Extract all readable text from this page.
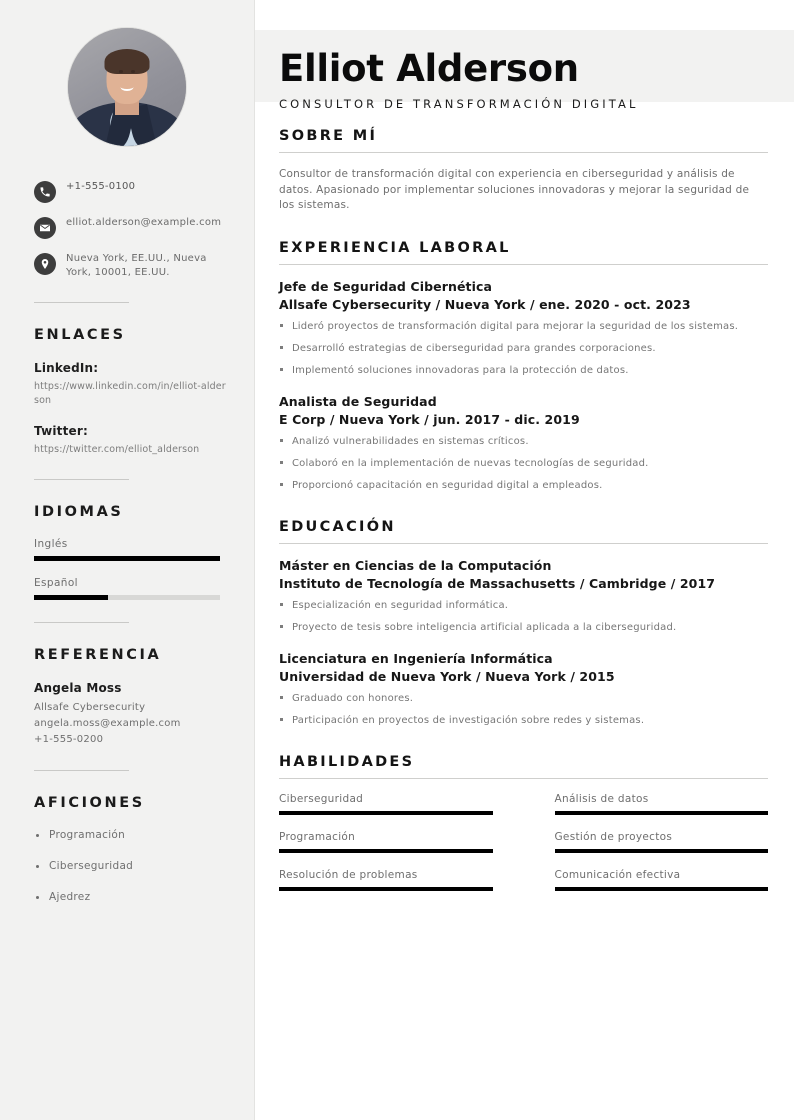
+1-555-0100
elliot.alderson@example.com
Nueva York, EE.UU., Nueva York, 10001, EE.UU.
ENLACES
LinkedIn:
https://www.linkedin.com/in/elliot-alderson
Twitter:
https://twitter.com/elliot_alderson
IDIOMAS
Inglés
Español
REFERENCIA
Angela Moss
Allsafe Cybersecurity
angela.moss@example.com
+1-555-0200
AFICIONES
Programación
Ciberseguridad
Ajedrez
Elliot Alderson
CONSULTOR DE TRANSFORMACIÓN DIGITAL
SOBRE MÍ

Consultor de transformación digital con experiencia en ciberseguridad y análisis de datos. Apasionado por implementar soluciones innovadoras y mejorar la seguridad de los sistemas.

EXPERIENCIA LABORAL
Jefe de Seguridad Cibernética
Allsafe Cybersecurity / Nueva York / ene. 2020 - oct. 2023
Lideró proyectos de transformación digital para mejorar la seguridad de los sistemas.
Desarrolló estrategias de ciberseguridad para grandes corporaciones.
Implementó soluciones innovadoras para la protección de datos.
Analista de Seguridad
E Corp / Nueva York / jun. 2017 - dic. 2019
Analizó vulnerabilidades en sistemas críticos.
Colaboró en la implementación de nuevas tecnologías de seguridad.
Proporcionó capacitación en seguridad digital a empleados.
EDUCACIÓN
Máster en Ciencias de la Computación
Instituto de Tecnología de Massachusetts / Cambridge / 2017
Especialización en seguridad informática.
Proyecto de tesis sobre inteligencia artificial aplicada a la ciberseguridad.
Licenciatura en Ingeniería Informática
Universidad de Nueva York / Nueva York / 2015
Graduado con honores.
Participación en proyectos de investigación sobre redes y sistemas.
HABILIDADES
Ciberseguridad	Análisis de datos
Programación	Gestión de proyectos
Resolución de problemas	Comunicación efectiva
